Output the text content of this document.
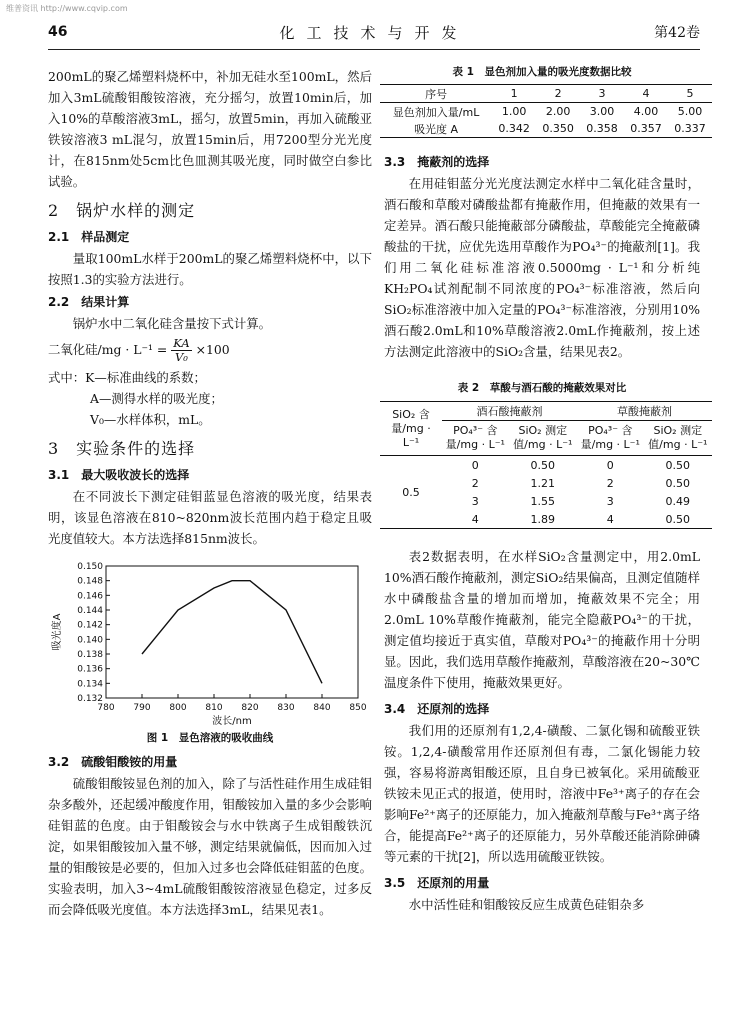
维普资讯 http://www.cqvip.com
46	化工技术与开发	第42卷

200mL的聚乙烯塑料烧杯中，补加无硅水至100mL，然后加入3mL硫酸钼酸铵溶液，充分摇匀，放置10min后，加入10%的草酸溶液3mL，摇匀，放置5min，再加入硫酸亚铁铵溶液3 mL混匀，放置15min后，用7200型分光光度计，在815nm处5cm比色皿测其吸光度，同时做空白参比试验。

2　锅炉水样的测定

2.1　样品测定

量取100mL水样于200mL的聚乙烯塑料烧杯中，以下按照1.3的实验方法进行。

2.2　结果计算

锅炉水中二氧化硅含量按下式计算。

二氧化硅$/mg \cdot L^{-1} = \frac{KA}{\text{V₀}} \times 100$

式中：K—标准曲线的系数；

A—测得水样的吸光度；

V₀—水样体积，mL。

3　实验条件的选择

3.1　最大吸收波长的选择

在不同波长下测定硅钼蓝显色溶液的吸光度，结果表明，该显色溶液在810~820nm波长范围内趋于稳定且吸光度值较大。本方法选择815nm波长。

780 790 800 810 820 830 840 850
0.132
0.134
0.136
0.138
0.140
0.142
0.144
0.146
0.148
0.150
波长/nm
吸光度A
图 1　显色溶液的吸收曲线

3.2　硫酸钼酸铵的用量

硫酸钼酸铵显色剂的加入，除了与活性硅作用生成硅钼杂多酸外，还起缓冲酸度作用，钼酸铵加入量的多少会影响硅钼蓝的色度。由于钼酸铵会与水中铁离子生成钼酸铁沉淀，如果钼酸铵加入量不够，测定结果就偏低，因而加入过量的钼酸铵是必要的，但加入过多也会降低硅钼蓝的色度。实验表明，加入3~4mL硫酸钼酸铵溶液显色稳定，过多反而会降低吸光度值。本方法选择3mL，结果见表1。

表 1　显色剂加入量的吸光度数据比较
序号	1	2	3	4	5
显色剂加入量/mL	1.00	2.00	3.00	4.00	5.00
吸光度 A	0.342	0.350	0.358	0.357	0.337

3.3　掩蔽剂的选择

在用硅钼蓝分光光度法测定水样中二氧化硅含量时，酒石酸和草酸对磷酸盐都有掩蔽作用，但掩蔽的效果有一定差异。酒石酸只能掩蔽部分磷酸盐，草酸能完全掩蔽磷酸盐的干扰，应优先选用草酸作为PO₄³⁻的掩蔽剂[1]。我们用二氧化硅标准溶液0.5000mg · L⁻¹和分析纯KH₂PO₄试剂配制不同浓度的PO₄³⁻标准溶液，然后向SiO₂标准溶液中加入定量的PO₄³⁻标准溶液，分别用10%酒石酸2.0mL和10%草酸溶液2.0mL作掩蔽剂，按上述方法测定此溶液中的SiO₂含量，结果见表2。

表 2　草酸与酒石酸的掩蔽效果对比
SiO₂ 含量/mg · L⁻¹	酒石酸掩蔽剂		草酸掩蔽剂	
	PO₄³⁻ 含量/mg · L⁻¹	SiO₂ 测定值/mg · L⁻¹	PO₄³⁻ 含量/mg · L⁻¹	SiO₂ 测定值/mg · L⁻¹
0.5	0	0.50	0	0.50
	2	1.21	2	0.50
	3	1.55	3	0.49
	4	1.89	4	0.50

表2数据表明，在水样SiO₂含量测定中，用2.0mL 10%酒石酸作掩蔽剂，测定SiO₂结果偏高，且测定值随样水中磷酸盐含量的增加而增加，掩蔽效果不完全；用2.0mL 10%草酸作掩蔽剂，能完全隐蔽PO₄³⁻的干扰，测定值均接近于真实值，草酸对PO₄³⁻的掩蔽作用十分明显。因此，我们选用草酸作掩蔽剂，草酸溶液在20~30℃温度条件下使用，掩蔽效果更好。

3.4　还原剂的选择

我们用的还原剂有1,2,4-磺酸、二氯化锡和硫酸亚铁铵。1,2,4-磺酸常用作还原剂但有毒，二氯化锡能力较强，容易将游离钼酸还原，且自身已被氧化。采用硫酸亚铁铵未见正式的报道，使用时，溶液中Fe³⁺离子的存在会影响Fe²⁺离子的还原能力，加入掩蔽剂草酸与Fe³⁺离子络合，能提高Fe²⁺离子的还原能力，另外草酸还能消除砷磷等元素的干扰[2]，所以选用硫酸亚铁铵。

3.5　还原剂的用量

水中活性硅和钼酸铵反应生成黄色硅钼杂多
